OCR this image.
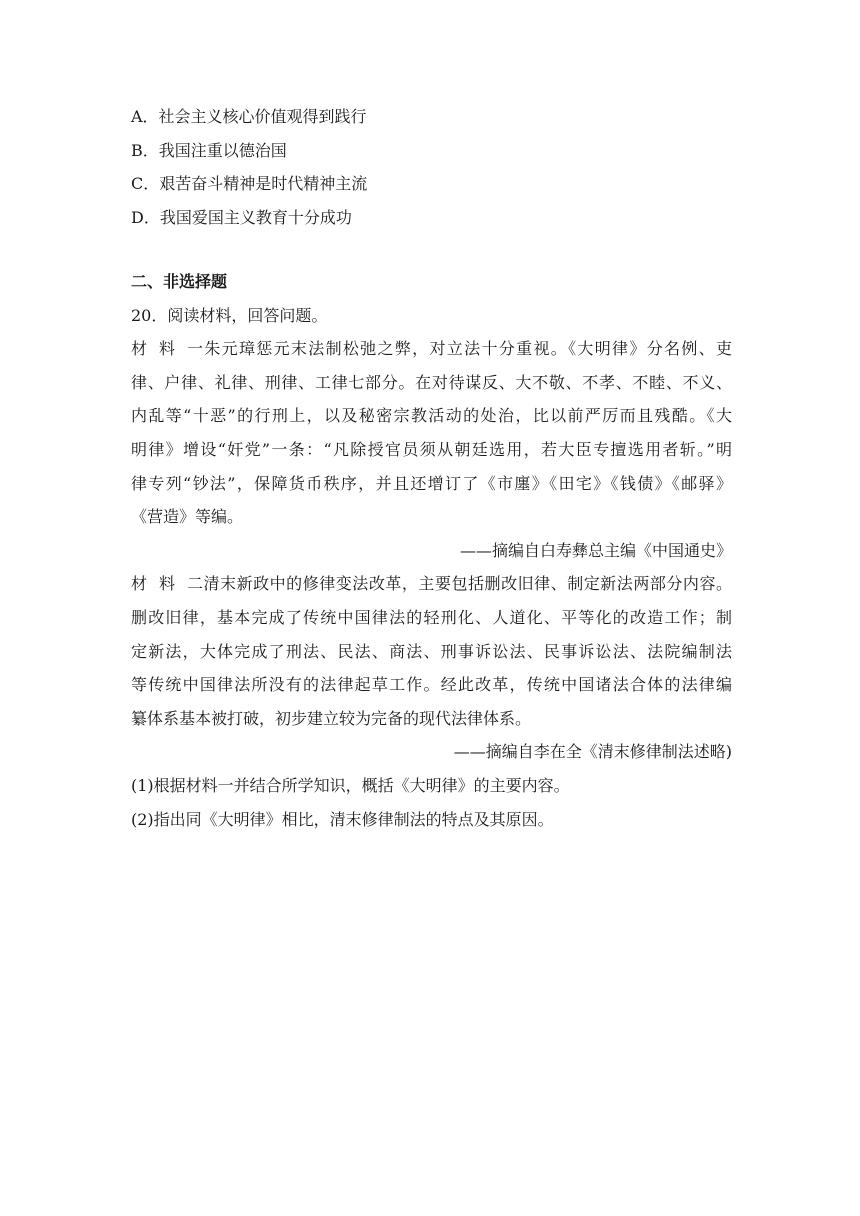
A．社会主义核心价值观得到践行
B．我国注重以德治国
C．艰苦奋斗精神是时代精神主流
D．我国爱国主义教育十分成功
二、非选择题
20．阅读材料，回答问题。
材料一朱元璋惩元末法制松弛之弊，对立法十分重视。《大明律》分名例、吏
律、户律、礼律、刑律、工律七部分。在对待谋反、大不敬、不孝、不睦、不义、
内乱等“十恶”的行刑上，以及秘密宗教活动的处治，比以前严厉而且残酷。《大
明律》增设“奸党”一条：“凡除授官员须从朝廷选用，若大臣专擅选用者斩。”明
律专列“钞法”，保障货币秩序，并且还增订了《市廛》《田宅》《钱债》《邮驿》
《营造》等编。
——摘编自白寿彝总主编《中国通史》
材料二清末新政中的修律变法改革，主要包括删改旧律、制定新法两部分内容。
删改旧律，基本完成了传统中国律法的轻刑化、人道化、平等化的改造工作；制
定新法，大体完成了刑法、民法、商法、刑事诉讼法、民事诉讼法、法院编制法
等传统中国律法所没有的法律起草工作。经此改革，传统中国诸法合体的法律编
纂体系基本被打破，初步建立较为完备的现代法律体系。
——摘编自李在全《清末修律制法述略)
(1)根据材料一并结合所学知识，概括《大明律》的主要内容。
(2)指出同《大明律》相比，清末修律制法的特点及其原因。
